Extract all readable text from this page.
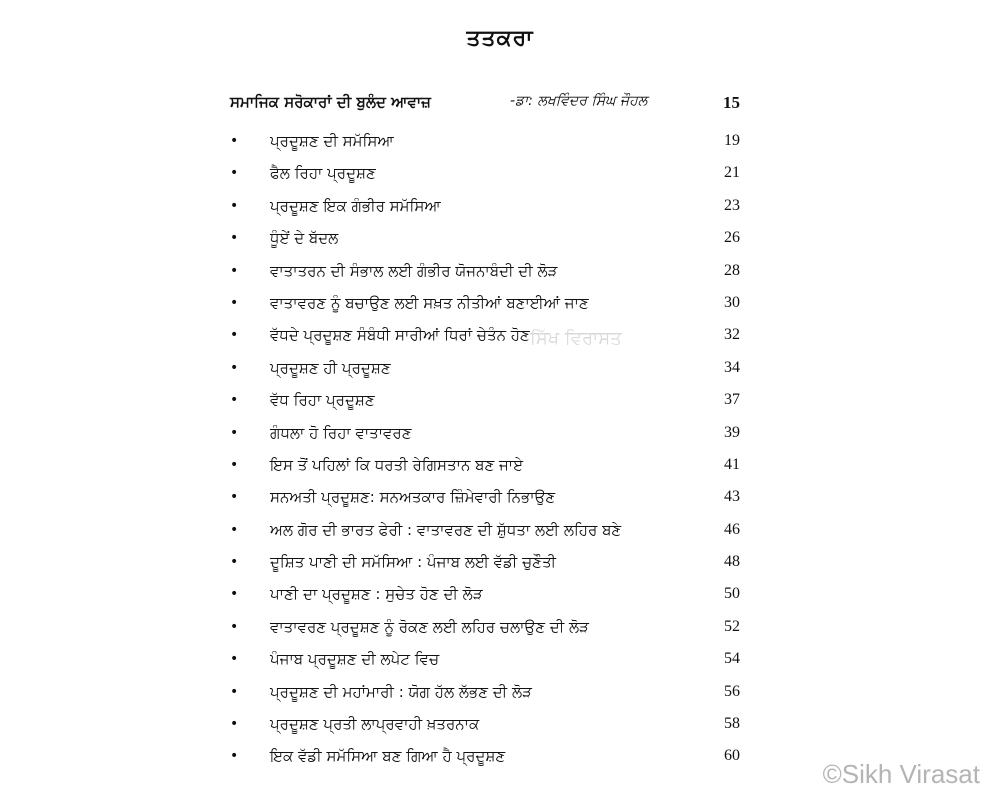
ਤਤਕਰਾ
ਸਮਾਜਿਕ ਸਰੋਕਾਰਾਂ ਦੀ ਬੁਲੰਦ ਆਵਾਜ਼	-ਡਾ: ਲਖਵਿੰਦਰ ਸਿੰਘ ਜੌਹਲ	15
• ਪ੍ਰਦੂਸ਼ਣ ਦੀ ਸਮੱਸਿਆ	19
• ਫੈਲ ਰਿਹਾ ਪ੍ਰਦੂਸ਼ਣ	21
• ਪ੍ਰਦੂਸ਼ਣ ਇਕ ਗੰਭੀਰ ਸਮੱਸਿਆ	23
• ਧੂੰਏਂ ਦੇ ਬੱਦਲ	26
• ਵਾਤਾਤਰਨ ਦੀ ਸੰਭਾਲ ਲਈ ਗੰਭੀਰ ਯੋਜਨਾਬੰਦੀ ਦੀ ਲੋੜ	28
• ਵਾਤਾਵਰਣ ਨੂੰ ਬਚਾਉਣ ਲਈ ਸਖ਼ਤ ਨੀਤੀਆਂ ਬਣਾਈਆਂ ਜਾਣ	30
• ਵੱਧਦੇ ਪ੍ਰਦੂਸ਼ਣ ਸੰਬੰਧੀ ਸਾਰੀਆਂ ਧਿਰਾਂ ਚੇਤੰਨ ਹੋਣ	32
• ਪ੍ਰਦੂਸ਼ਣ ਹੀ ਪ੍ਰਦੂਸ਼ਣ	34
• ਵੱਧ ਰਿਹਾ ਪ੍ਰਦੂਸ਼ਣ	37
• ਗੰਧਲਾ ਹੋ ਰਿਹਾ ਵਾਤਾਵਰਣ	39
• ਇਸ ਤੋਂ ਪਹਿਲਾਂ ਕਿ ਧਰਤੀ ਰੇਗਿਸਤਾਨ ਬਣ ਜਾਏ	41
• ਸਨਅਤੀ ਪ੍ਰਦੂਸ਼ਣ: ਸਨਅਤਕਾਰ ਜ਼ਿੰਮੇਵਾਰੀ ਨਿਭਾਉਣ	43
• ਅਲ ਗੋਰ ਦੀ ਭਾਰਤ ਫੇਰੀ : ਵਾਤਾਵਰਣ ਦੀ ਸ਼ੁੱਧਤਾ ਲਈ ਲਹਿਰ ਬਣੇ	46
• ਦੂਸ਼ਿਤ ਪਾਣੀ ਦੀ ਸਮੱਸਿਆ : ਪੰਜਾਬ ਲਈ ਵੱਡੀ ਚੁਣੌਤੀ	48
• ਪਾਣੀ ਦਾ ਪ੍ਰਦੂਸ਼ਣ : ਸੁਚੇਤ ਹੋਣ ਦੀ ਲੋੜ	50
• ਵਾਤਾਵਰਣ ਪ੍ਰਦੂਸ਼ਣ ਨੂੰ ਰੋਕਣ ਲਈ ਲਹਿਰ ਚਲਾਉਣ ਦੀ ਲੋੜ	52
• ਪੰਜਾਬ ਪ੍ਰਦੂਸ਼ਣ ਦੀ ਲਪੇਟ ਵਿਚ	54
• ਪ੍ਰਦੂਸ਼ਣ ਦੀ ਮਹਾਂਮਾਰੀ : ਯੋਗ ਹੱਲ ਲੱਭਣ ਦੀ ਲੋੜ	56
• ਪ੍ਰਦੂਸ਼ਣ ਪ੍ਰਤੀ ਲਾਪ੍ਰਵਾਹੀ ਖ਼ਤਰਨਾਕ	58
• ਇਕ ਵੱਡੀ ਸਮੱਸਿਆ ਬਣ ਗਿਆ ਹੈ ਪ੍ਰਦੂਸ਼ਣ	60
ਸਿੱਖ ਵਿਰਾਸਤ
©Sikh Virasat
